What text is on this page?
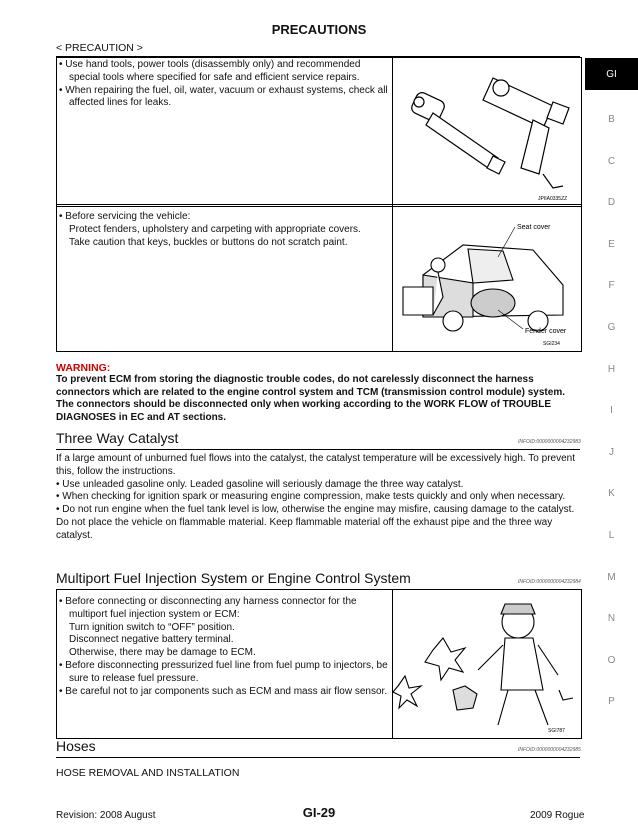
PRECAUTIONS
< PRECAUTION >
GI
B
C
D
E
F
G
H
I
J
K
L
M
N
O
P
• Use hand tools, power tools (disassembly only) and recommended special tools where specified for safe and efficient service repairs.
• When repairing the fuel, oil, water, vacuum or exhaust systems, check all affected lines for leaks.
JPIIA0335ZZ
• Before servicing the vehicle:
Protect fenders, upholstery and carpeting with appropriate covers.
Take caution that keys, buckles or buttons do not scratch paint.
Seat cover
Fender cover
SGI234
WARNING:
To prevent ECM from storing the diagnostic trouble codes, do not carelessly disconnect the harness connectors which are related to the engine control system and TCM (transmission control module) system. The connectors should be disconnected only when working according to the WORK FLOW of TROUBLE DIAGNOSES in EC and AT sections.
Three Way Catalyst	INFOID:0000000004232983
If a large amount of unburned fuel flows into the catalyst, the catalyst temperature will be excessively high. To prevent this, follow the instructions.
• Use unleaded gasoline only. Leaded gasoline will seriously damage the three way catalyst.
• When checking for ignition spark or measuring engine compression, make tests quickly and only when necessary.
• Do not run engine when the fuel tank level is low, otherwise the engine may misfire, causing damage to the catalyst.
Do not place the vehicle on flammable material. Keep flammable material off the exhaust pipe and the three way catalyst.
Multiport Fuel Injection System or Engine Control System	INFOID:0000000004232984
• Before connecting or disconnecting any harness connector for the multiport fuel injection system or ECM:
Turn ignition switch to “OFF” position.
Disconnect negative battery terminal.
Otherwise, there may be damage to ECM.
• Before disconnecting pressurized fuel line from fuel pump to injectors, be sure to release fuel pressure.
• Be careful not to jar components such as ECM and mass air flow sensor.
SGI787
Hoses	INFOID:0000000004232985
HOSE REMOVAL AND INSTALLATION
Revision: 2008 August	GI-29	2009 Rogue
